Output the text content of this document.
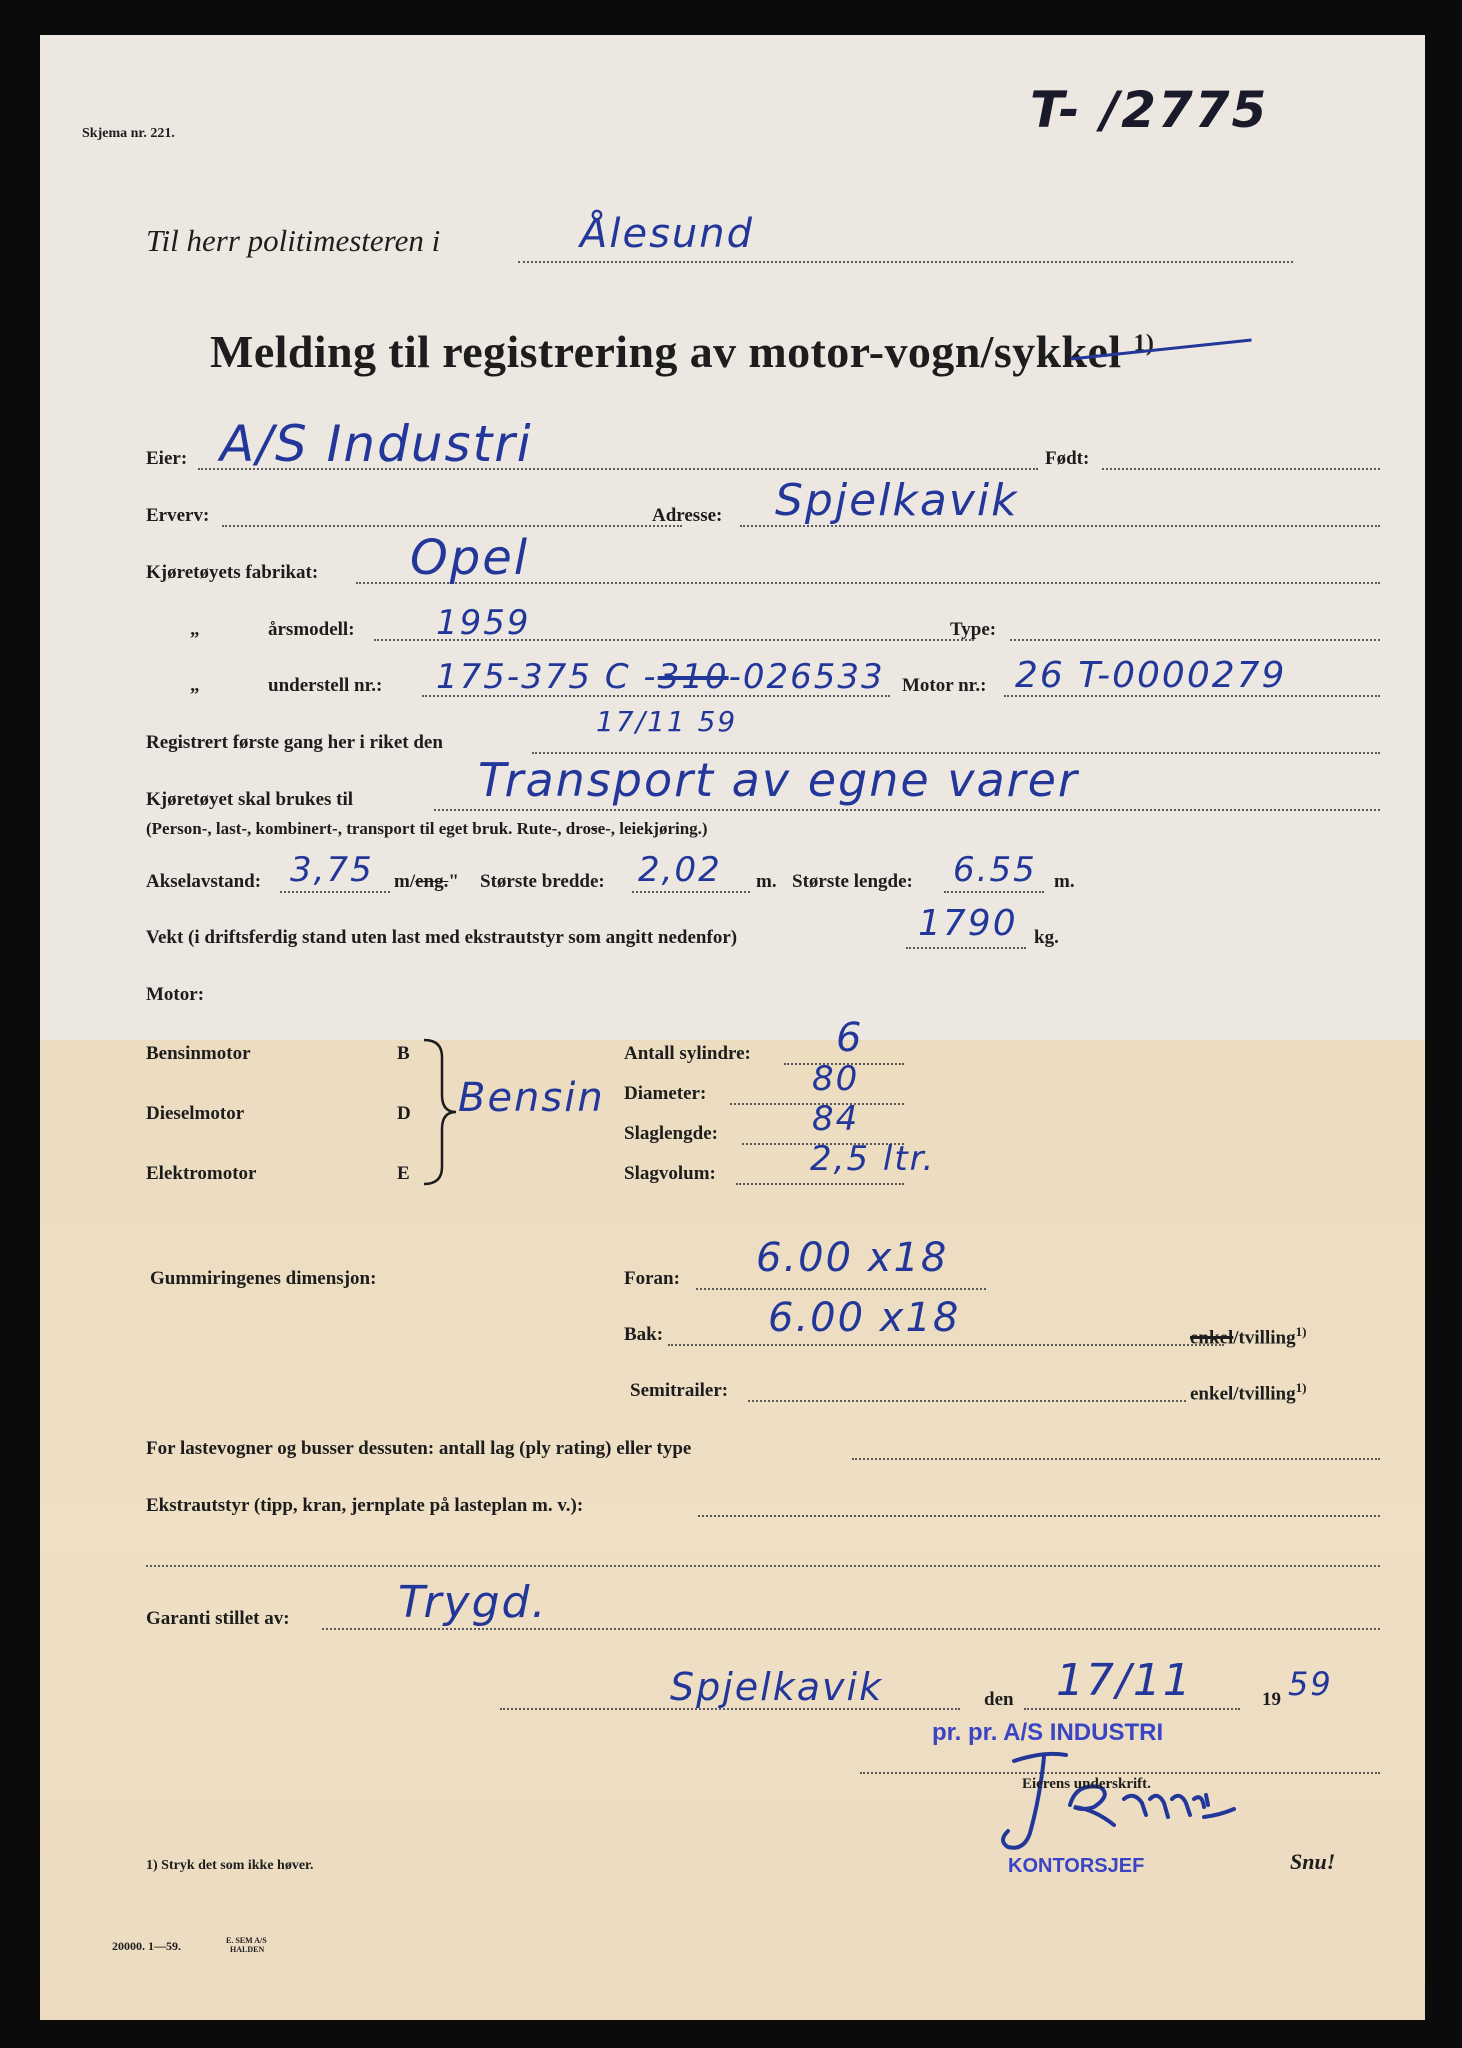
Skjema nr. 221.	T- /2775
Til herr politimesteren i	Ålesund
Melding til registrering av motor-vogn/sykkel $^{1)}$
Eier: A/S Industri	Født:
Erverv:	Adresse: Spjelkavik
Kjøretøyets fabrikat: Opel
„	årsmodell: 1959	Type:
„	understell nr.: 175-375 C -310-026533 Motor nr.: 26 T-0000279
Registrert første gang her i riket den
17/11 59
Kjøretøyet skal brukes til	Transport av egne varer
(Person-, last-, kombinert-, transport til eget bruk. Rute-, drose-, leiekjøring.)
Akselavstand: 3,75 m/eng." Største bredde: 2,02 m. Største lengde: 6.55 m.
Vekt (i driftsferdig stand uten last med ekstrautstyr som angitt nedenfor)	1790 kg.
Motor:
Bensinmotor	B
Dieselmotor	D
Elektromotor	E
Bensin
Antall sylindre: 6
Diameter:	80
Slaglengde:	84
Slagvolum:	2,5 ltr.
Gummiringenes dimensjon:	Foran: 6.00 x18
Bak:	6.00 x18	enkel/tvilling$^{1)}$
Semitrailer:	enkel/tvilling$^{1)}$
For lastevogner og busser dessuten: antall lag (ply rating) eller type
Ekstrautstyr (tipp, kran, jernplate på lasteplan m. v.):
Garanti stillet av: Trygd.
Spjelkavik	den 17/11	19 59
pr. pr. A/S INDUSTRI
Eierens underskrift.
KONTORSJEF
1) Stryk det som ikke høver.	Snu!
20000. 1—59.	E. SEM A/S
HALDEN
